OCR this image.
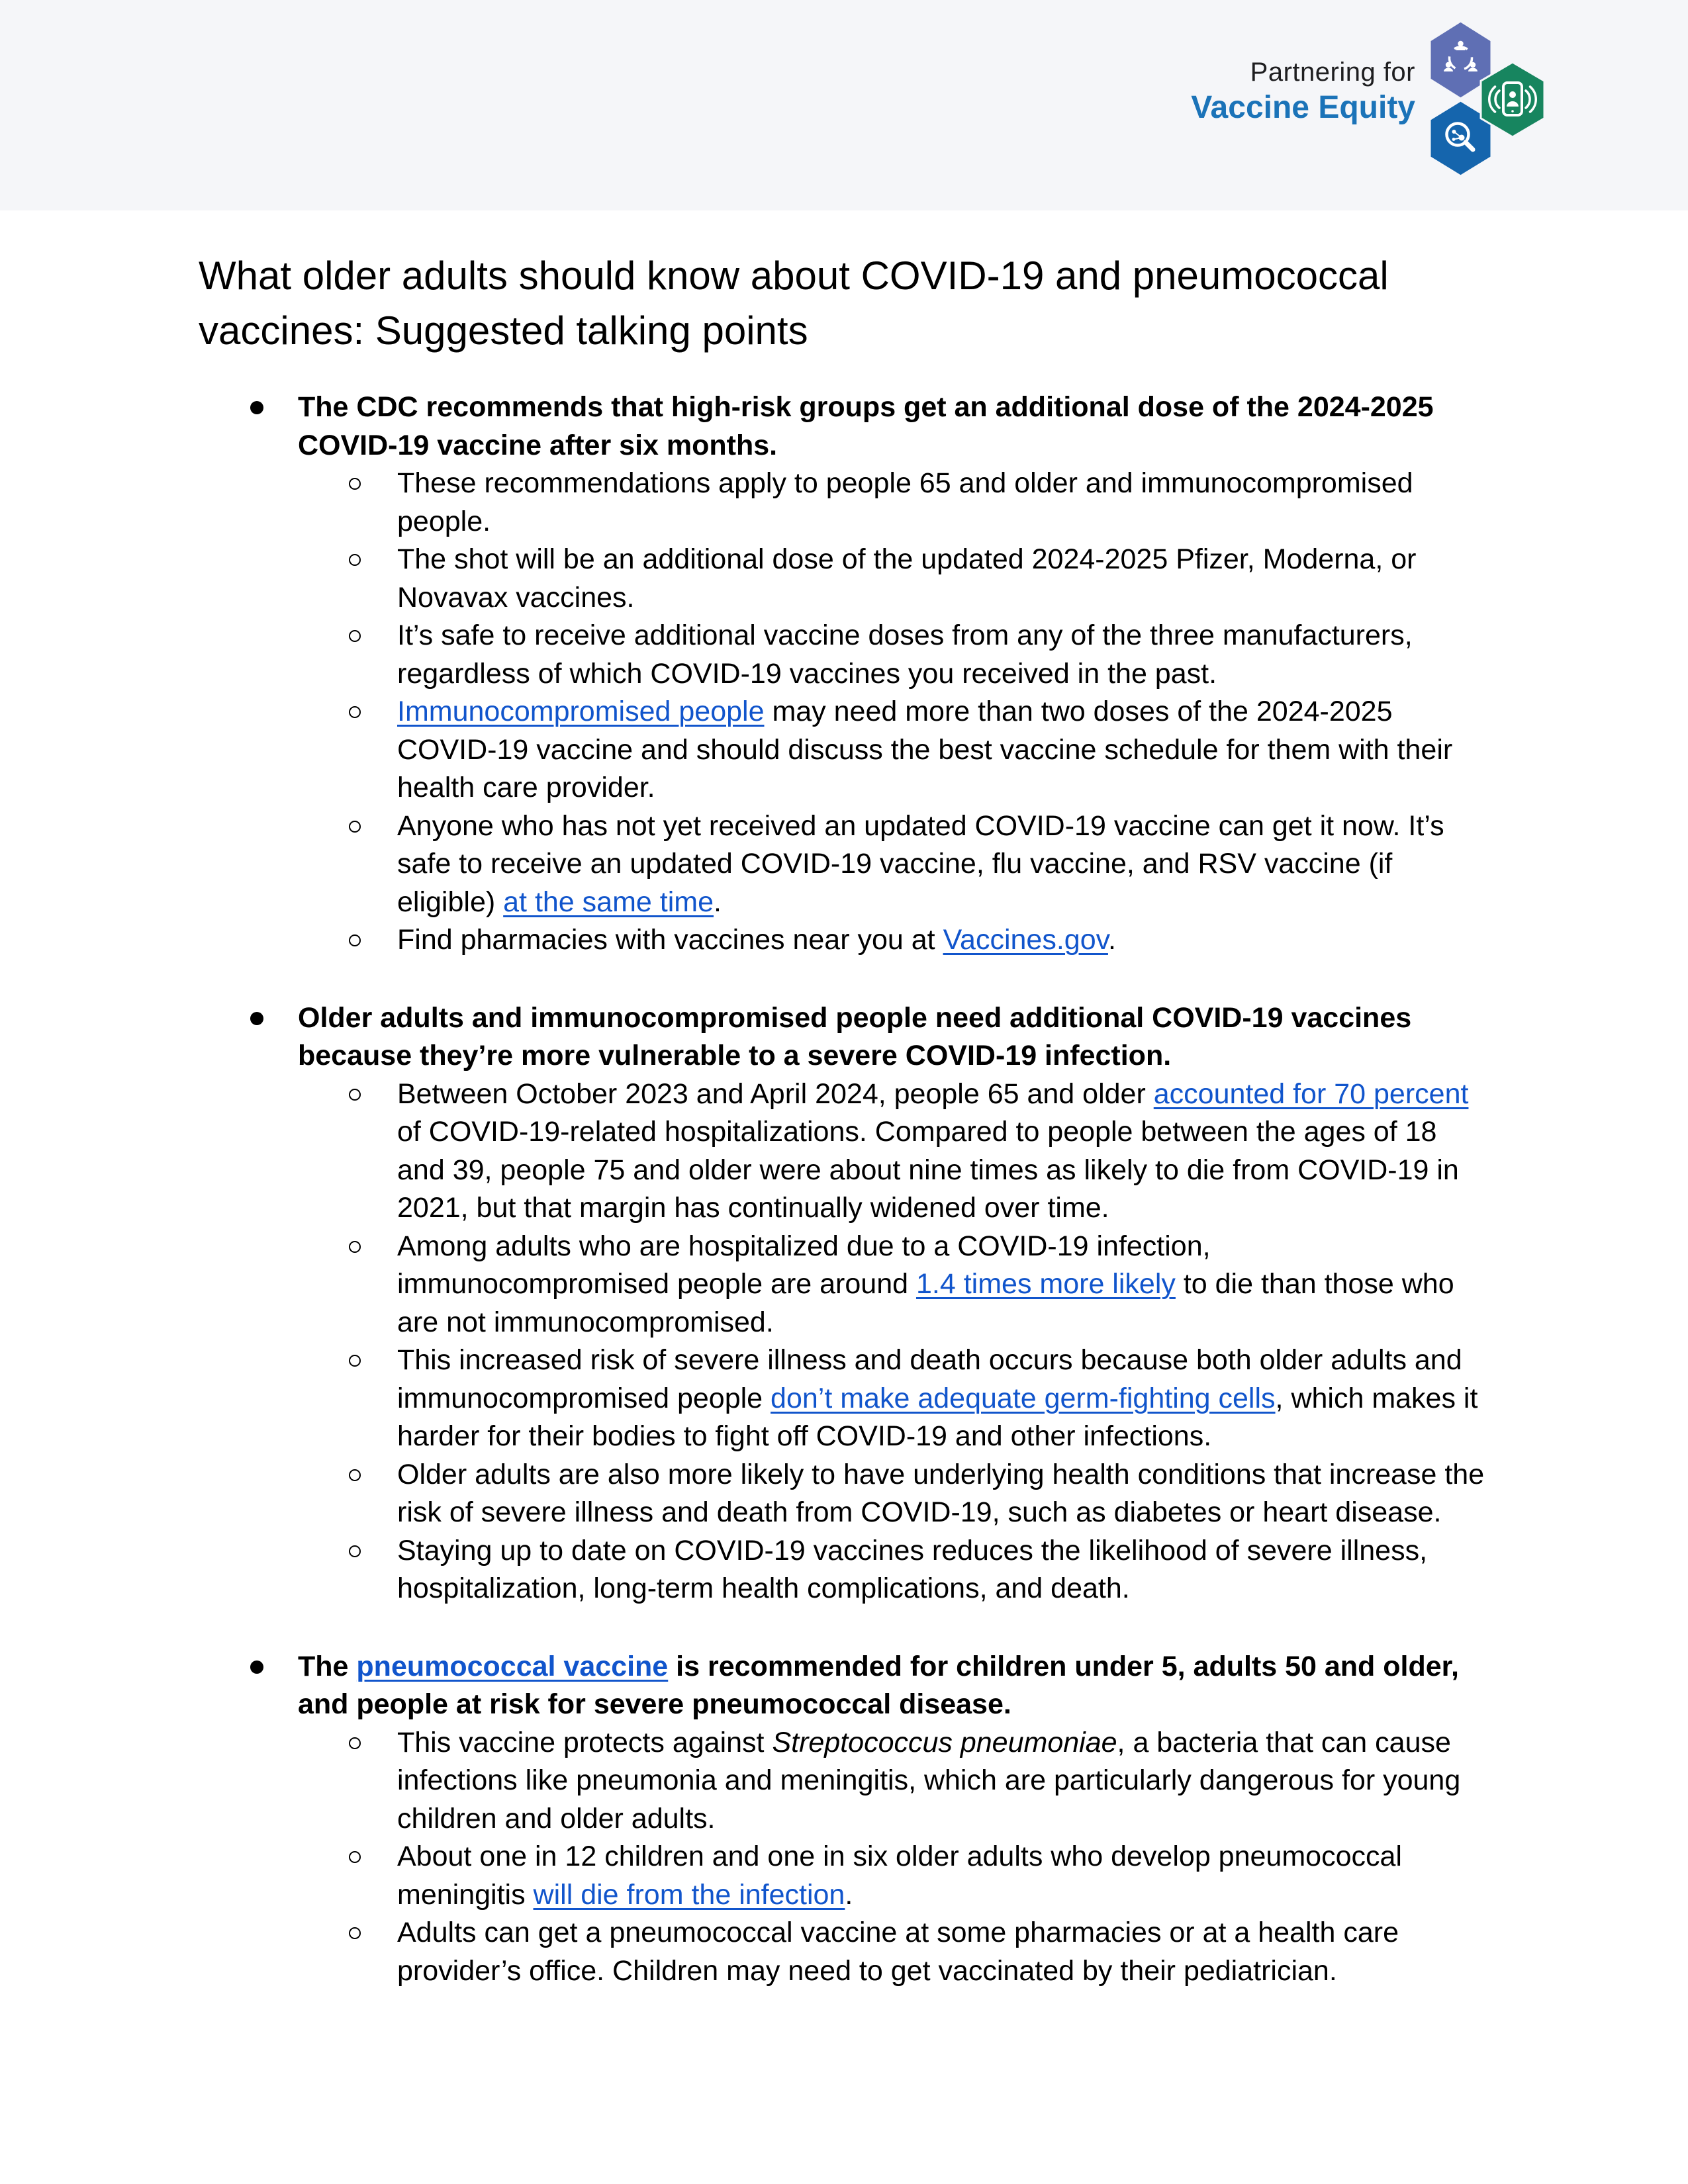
Partnering for
Vaccine Equity
What older adults should know about COVID-19 and pneumococcal vaccines: Suggested talking points

The CDC recommends that high-risk groups get an additional dose of the 2024-2025 COVID-19 vaccine after six months.

These recommendations apply to people 65 and older and immunocompromised people.

The shot will be an additional dose of the updated 2024-2025 Pfizer, Moderna, or Novavax vaccines.

It’s safe to receive additional vaccine doses from any of the three manufacturers, regardless of which COVID-19 vaccines you received in the past.

Immunocompromised people may need more than two doses of the 2024-2025 COVID-19 vaccine and should discuss the best vaccine schedule for them with their health care provider.

Anyone who has not yet received an updated COVID-19 vaccine can get it now. It’s safe to receive an updated COVID-19 vaccine, flu vaccine, and RSV vaccine (if eligible) at the same time.

Find pharmacies with vaccines near you at Vaccines.gov.

Older adults and immunocompromised people need additional COVID-19 vaccines because they’re more vulnerable to a severe COVID-19 infection.

Between October 2023 and April 2024, people 65 and older accounted for 70 percent of COVID-19-related hospitalizations. Compared to people between the ages of 18 and 39, people 75 and older were about nine times as likely to die from COVID-19 in 2021, but that margin has continually widened over time.

Among adults who are hospitalized due to a COVID-19 infection, immunocompromised people are around 1.4 times more likely to die than those who are not immunocompromised.

This increased risk of severe illness and death occurs because both older adults and immunocompromised people don’t make adequate germ-fighting cells, which makes it harder for their bodies to fight off COVID-19 and other infections.

Older adults are also more likely to have underlying health conditions that increase the risk of severe illness and death from COVID-19, such as diabetes or heart disease.

Staying up to date on COVID-19 vaccines reduces the likelihood of severe illness, hospitalization, long-term health complications, and death.

The pneumococcal vaccine is recommended for children under 5, adults 50 and older, and people at risk for severe pneumococcal disease.

This vaccine protects against Streptococcus pneumoniae, a bacteria that can cause infections like pneumonia and meningitis, which are particularly dangerous for young children and older adults.

About one in 12 children and one in six older adults who develop pneumococcal meningitis will die from the infection.

Adults can get a pneumococcal vaccine at some pharmacies or at a health care provider’s office. Children may need to get vaccinated by their pediatrician.
